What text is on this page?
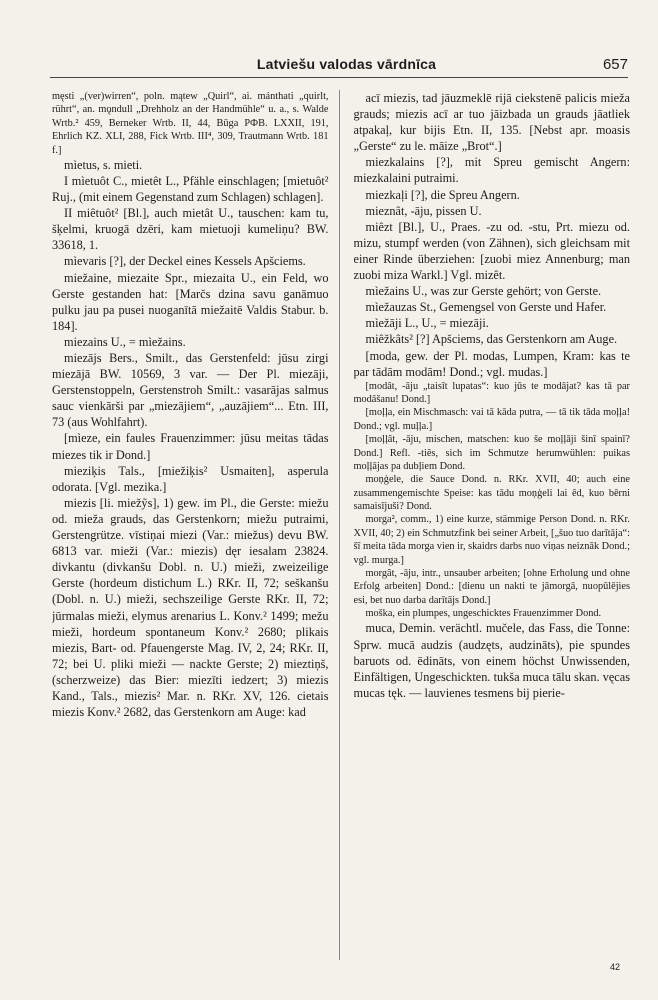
Latviešu valodas vārdnīca	657

męsti „(ver)wirren“, poln. mątew „Quirl“, ai. mánthati „quirlt, rührt“, an. mǫndull „Drehholz an der Handmühle“ u. a., s. Walde Wrtb.² 459, Berneker Wrtb. II, 44, Būga РФВ. LXXII, 191, Ehrlich KZ. XLI, 288, Fick Wrtb. III⁴, 309, Trautmann Wrtb. 181 f.]

mìetus, s. mieti.

I mìetuôt C., mietêt L., Pfähle einschlagen; [mietuôt² Ruj., (mit einem Gegenstand zum Schlagen) schlagen].

II miêtuôt² [Bl.], auch mietât U., tauschen: kam tu, šķelmi, kruogā dzēri, kam mietuoji kumeliņu? BW. 33618, 1.

mìevaris [?], der Deckel eines Kessels Apšciems.

miežaine, miezaite Spr., miezaita U., ein Feld, wo Gerste gestanden hat: [Marčs dzina savu ganāmuo pulku jau pa pusei nuoganītā miežaitē Valdis Stabur. b. 184].

miezains U., = mìežains.

miezājs Bers., Smilt., das Gerstenfeld: jūsu zirgi miezājā BW. 10569, 3 var. — Der Pl. miezāji, Gerstenstoppeln, Gerstenstroh Smilt.: vasarājas salmus sauc vienkārši par „miezājiem“, „auzājiem“... Etn. III, 73 (aus Wohlfahrt).

[mìeze, ein faules Frauenzimmer: jūsu meitas tādas miezes tik ir Dond.]

mieziķis Tals., [miežiķis² Usmaiten], asperula odorata. [Vgl. mezika.]

miezis [li. miežỹs], 1) gew. im Pl., die Gerste: miežu od. mieža grauds, das Gerstenkorn; miežu putraimi, Gerstengrütze. vīstiņai miezi (Var.: miežus) devu BW. 6813 var. mieži (Var.: miezis) dęr iesalam 23824. divkantu (divkanšu Dobl. n. U.) mieži, zweizeilige Gerste (hordeum distichum L.) RKr. II, 72; seškanšu (Dobl. n. U.) mieži, sechszeilige Gerste RKr. II, 72; jūrmalas mieži, elymus arenarius L. Konv.² 1499; mežu mieži, hordeum spontaneum Konv.² 2680; plikais miezis, Bart- od. Pfauengerste Mag. IV, 2, 24; RKr. II, 72; bei U. pliki mieži — nackte Gerste; 2) mieztiņš, (scherzweize) das Bier: miezīti iedzert; 3) miezis Kand., Tals., miezis² Mar. n. RKr. XV, 126. cietais miezis Konv.² 2682, das Gerstenkorn am Auge: kad

acī miezis, tad jāuzmeklē rijā ciekstenē palicis mieža grauds; miezis acī ar tuo jāizbada un grauds jāatliek atpakaļ, kur bijis Etn. II, 135. [Nebst apr. moasis „Gerste“ zu le. māize „Brot“.]

miezkalains [?], mit Spreu gemischt Angern: miezkalaini putraimi.

miezkaļi [?], die Spreu Angern.

mieznât, -āju, pissen U.

miêzt [Bl.], U., Praes. -zu od. -stu, Prt. miezu od. mizu, stumpf werden (von Zähnen), sich gleichsam mit einer Rinde überziehen: [zuobi miez Annenburg; man zuobi miza Warkl.] Vgl. mizêt.

mìežains U., was zur Gerste gehört; von Gerste.

mìežauzas St., Gemengsel von Gerste und Hafer.

mìežāji L., U., = miezāji.

miêžkâts² [?] Apšciems, das Gerstenkorn am Auge.

[moda, gew. der Pl. modas, Lumpen, Kram: kas te par tādām modām! Dond.; vgl. mudas.]

[modât, -āju „taisīt lupatas“: kuo jūs te modājat? kas tā par modāšanu! Dond.]

[moļļa, ein Mischmasch: vai tā kāda putra, — tā tik tāda moļļa! Dond.; vgl. muļļa.]

[moļļât, -āju, mischen, matschen: kuo še moļļāji šinī spainī? Dond.] Refl. -tiês, sich im Schmutze herumwühlen: puikas moļļājas pa dubļiem Dond.

moņģele, die Sauce Dond. n. RKr. XVII, 40; auch eine zusammengemischte Speise: kas tādu moņģeli lai ēd, kuo bērni samaisījuši? Dond.

morga², comm., 1) eine kurze, stämmige Person Dond. n. RKr. XVII, 40; 2) ein Schmutzfink bei seiner Arbeit, [„šuo tuo darītāja“: šī meita tāda morga vien ir, skaidrs darbs nuo viņas neiznāk Dond.; vgl. murga.]

morgât, -āju, intr., unsauber arbeiten; [ohne Erholung und ohne Erfolg arbeiten] Dond.: [dienu un nakti te jāmorgā, nuopūlējies esi, bet nuo darba darītājs Dond.]

moška, ein plumpes, ungeschicktes Frauenzimmer Dond.

muca, Demin. verächtl. mučele, das Fass, die Tonne: Sprw. mucā audzis (audzęts, audzināts), pie spundes baruots od. ēdināts, von einem höchst Unwissenden, Einfältigen, Ungeschickten. tukša muca tālu skan. vęcas mucas tęk. — lauvienes tesmens bij pierie-

42
